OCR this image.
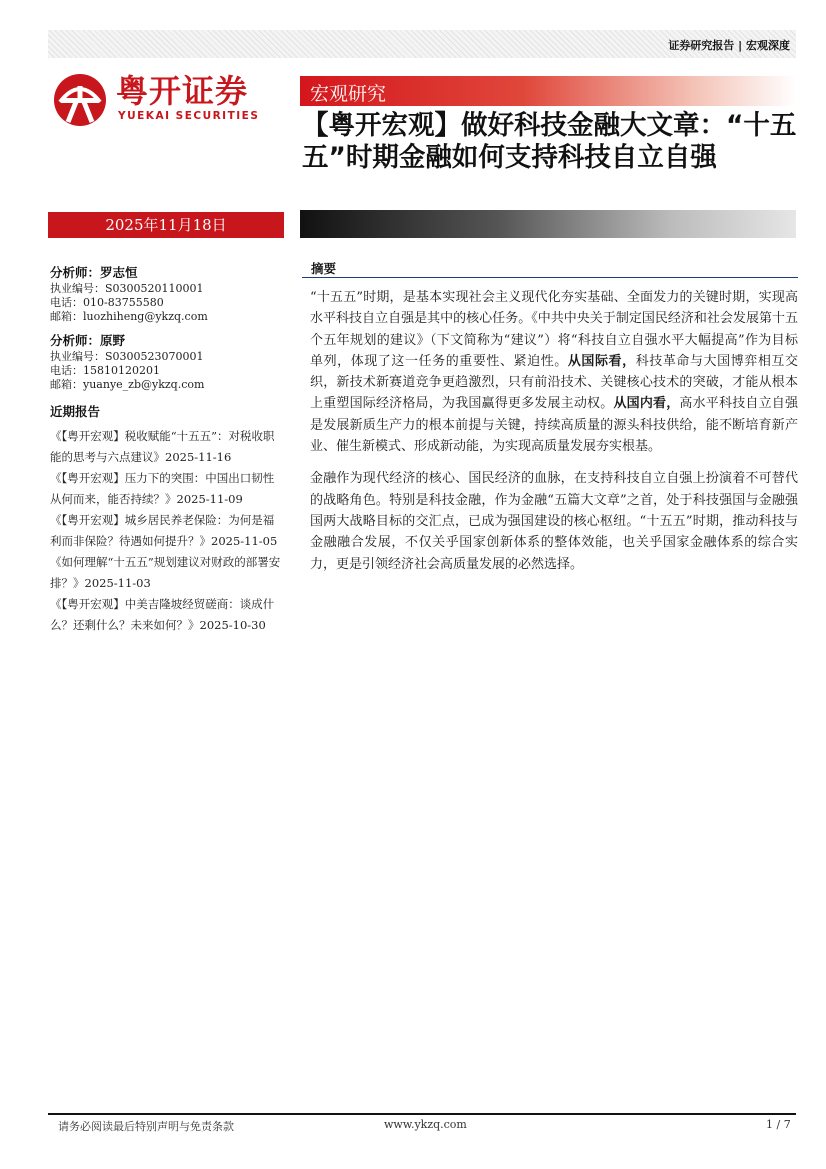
证券研究报告 | 宏观深度
粤开证券
YUEKAI SECURITIES
宏观研究
【粤开宏观】做好科技金融大文章：“十五五”时期金融如何支持科技自立自强
2025年11月18日
分析师：罗志恒
执业编号：S0300520110001
电话：010-83755580
邮箱：luozhiheng@ykzq.com
分析师：原野
执业编号：S0300523070001
电话：15810120201
邮箱：yuanye_zb@ykzq.com
近期报告
《【粤开宏观】税收赋能“十五五”：对税收职能的思考与六点建议》2025-11-16
《【粤开宏观】压力下的突围：中国出口韧性从何而来，能否持续？》2025-11-09
《【粤开宏观】城乡居民养老保险：为何是福利而非保险？待遇如何提升？》2025-11-05
《如何理解“十五五”规划建议对财政的部署安排？》2025-11-03
《【粤开宏观】中美吉隆坡经贸磋商：谈成什么？还剩什么？未来如何？》2025-10-30
摘要

“十五五”时期，是基本实现社会主义现代化夯实基础、全面发力的关键时期，实现高水平科技自立自强是其中的核心任务。《中共中央关于制定国民经济和社会发展第十五个五年规划的建议》（下文简称为“建议”）将“科技自立自强水平大幅提高”作为目标单列，体现了这一任务的重要性、紧迫性。从国际看，科技革命与大国博弈相互交织，新技术新赛道竞争更趋激烈，只有前沿技术、关键核心技术的突破，才能从根本上重塑国际经济格局，为我国赢得更多发展主动权。从国内看，高水平科技自立自强是发展新质生产力的根本前提与关键，持续高质量的源头科技供给，能不断培育新产业、催生新模式、形成新动能，为实现高质量发展夯实根基。

金融作为现代经济的核心、国民经济的血脉，在支持科技自立自强上扮演着不可替代的战略角色。特别是科技金融，作为金融“五篇大文章”之首，处于科技强国与金融强国两大战略目标的交汇点，已成为强国建设的核心枢纽。“十五五”时期，推动科技与金融融合发展，不仅关乎国家创新体系的整体效能，也关乎国家金融体系的综合实力，更是引领经济社会高质量发展的必然选择。

请务必阅读最后特别声明与免责条款	www.ykzq.com	1 / 7
